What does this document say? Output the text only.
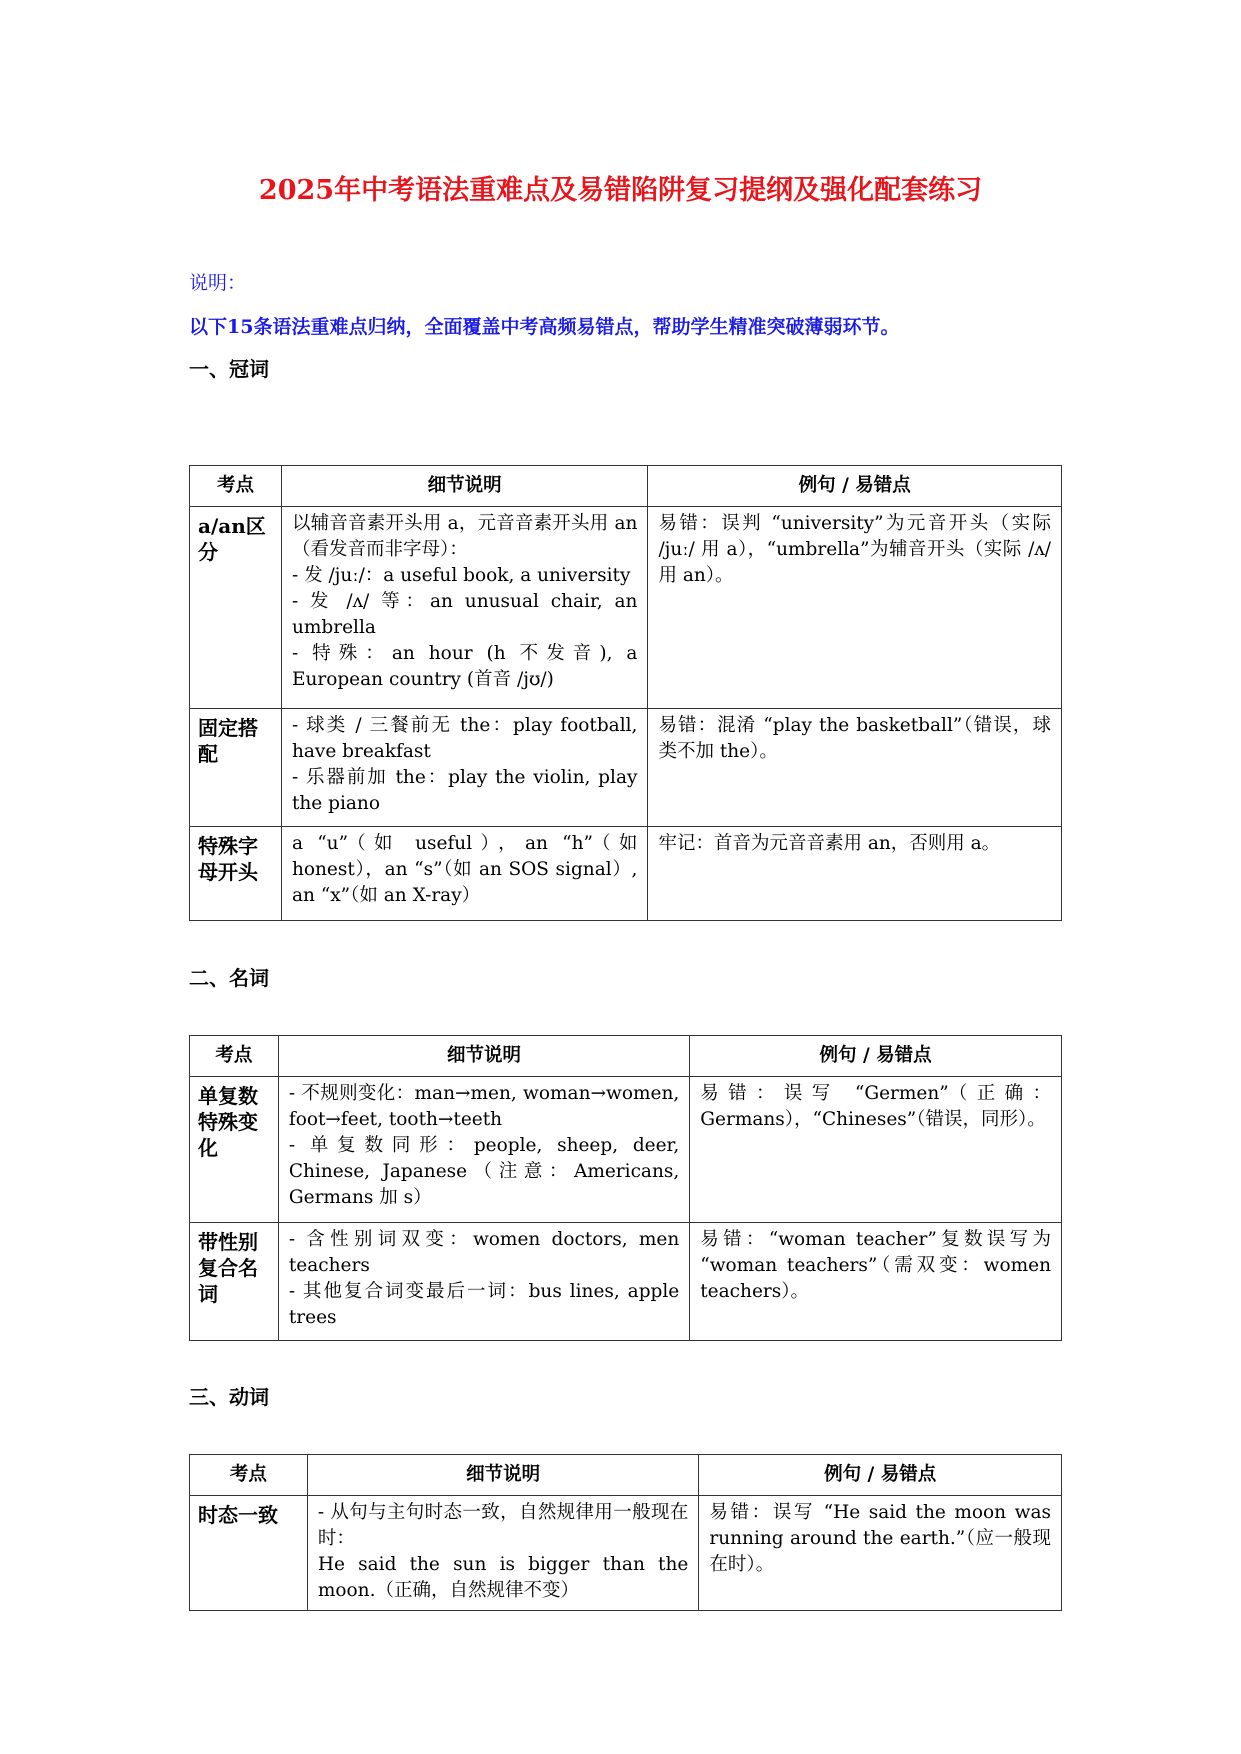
2025年中考语法重难点及易错陷阱复习提纲及强化配套练习
说明：
以下15条语法重难点归纳，全面覆盖中考高频易错点，帮助学生精准突破薄弱环节。
一、冠词
考点	细节说明	例句 / 易错点
a/an区分	以辅音音素开头用 a，元音音素开头用 an（看发音而非字母）：
- 发 /juː/：a useful book, a university
- 发 /ʌ/ 等：an unusual chair, an umbrella
- 特殊：an hour (h 不发音), a European country (首音 /jʊ/)	易错：误判 “university”为元音开头（实际 /juː/ 用 a），“umbrella”为辅音开头（实际 /ʌ/ 用 an）。

固定搭配	- 球类 / 三餐前无 the：play football, have breakfast
- 乐器前加 the：play the violin, play the piano	易错：混淆 “play the basketball”（错误，球类不加 the）。

特殊字母开头	a “u”（如 useful），an “h”（如 honest），an “s”（如 an SOS signal）, an “x”（如 an X-ray）	牢记：首音为元音音素用 an，否则用 a。
二、名词
考点	细节说明	例句 / 易错点
单复数特殊变化	- 不规则变化：man→men, woman→women, foot→feet, tooth→teeth
- 单复数同形：people, sheep, deer, Chinese, Japanese（注意：Americans, Germans 加 s）	易错：误写 “Germen”（正确：Germans），“Chineses”（错误，同形）。

带性别复合名词	- 含性别词双变：women doctors, men teachers
- 其他复合词变最后一词：bus lines, apple trees	易错：“woman teacher”复数误写为 “woman teachers”（需双变：women teachers）。
三、动词
考点	细节说明	例句 / 易错点
时态一致	- 从句与主句时态一致，自然规律用一般现在时：
He said the sun is bigger than the moon.（正确，自然规律不变）	易错：误写 “He said the moon was running around the earth.”（应一般现在时）。
